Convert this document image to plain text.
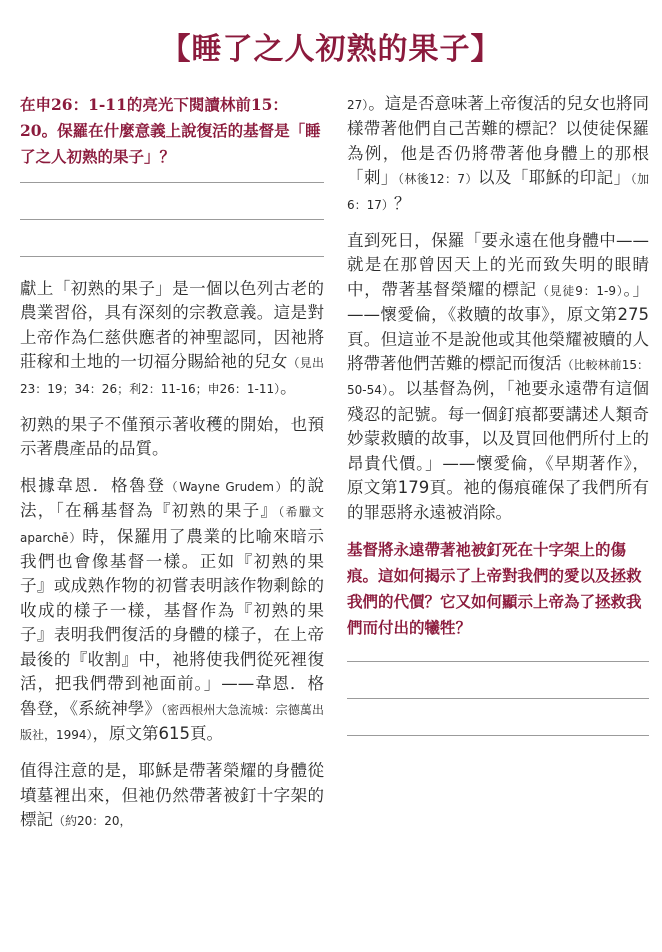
【睡了之人初熟的果子】
在申26：1-11的亮光下閱讀林前15：20。保羅在什麼意義上說復活的基督是「睡了之人初熟的果子」？

獻上「初熟的果子」是一個以色列古老的農業習俗，具有深刻的宗教意義。這是對上帝作為仁慈供應者的神聖認同，因祂將莊稼和土地的一切福分賜給祂的兒女（見出23：19；34：26；利2：11-16；申26：1-11）。

初熟的果子不僅預示著收穫的開始，也預示著農產品的品質。

根據韋恩．格魯登（Wayne Grudem）的說法，「在稱基督為『初熟的果子』（希臘文 aparchē）時，保羅用了農業的比喻來暗示我們也會像基督一樣。正如『初熟的果子』或成熟作物的初嘗表明該作物剩餘的收成的樣子一樣，基督作為『初熟的果子』表明我們復活的身體的樣子，在上帝最後的『收割』中，祂將使我們從死裡復活，把我們帶到祂面前。」——韋恩．格魯登，《系統神學》（密西根州大急流城：宗德萬出版社，1994），原文第615頁。

值得注意的是，耶穌是帶著榮耀的身體從墳墓裡出來，但祂仍然帶著被釘十字架的標記（約20：20，

27）。這是否意味著上帝復活的兒女也將同樣帶著他們自己苦難的標記？以使徒保羅為例，他是否仍將帶著他身體上的那根「刺」（林後12：7）以及「耶穌的印記」（加6：17）？

直到死日，保羅「要永遠在他身體中——就是在那曾因天上的光而致失明的眼睛中，帶著基督榮耀的標記（見徒9：1-9）。」——懷愛倫，《救贖的故事》，原文第275頁。但這並不是說他或其他榮耀被贖的人將帶著他們苦難的標記而復活（比較林前15：50-54）。以基督為例，「祂要永遠帶有這個殘忍的記號。每一個釘痕都要講述人類奇妙蒙救贖的故事，以及買回他們所付上的昂貴代價。」——懷愛倫，《早期著作》，原文第179頁。祂的傷痕確保了我們所有的罪惡將永遠被消除。

基督將永遠帶著祂被釘死在十字架上的傷痕。這如何揭示了上帝對我們的愛以及拯救我們的代價？它又如何顯示上帝為了拯救我們而付出的犧牲？
